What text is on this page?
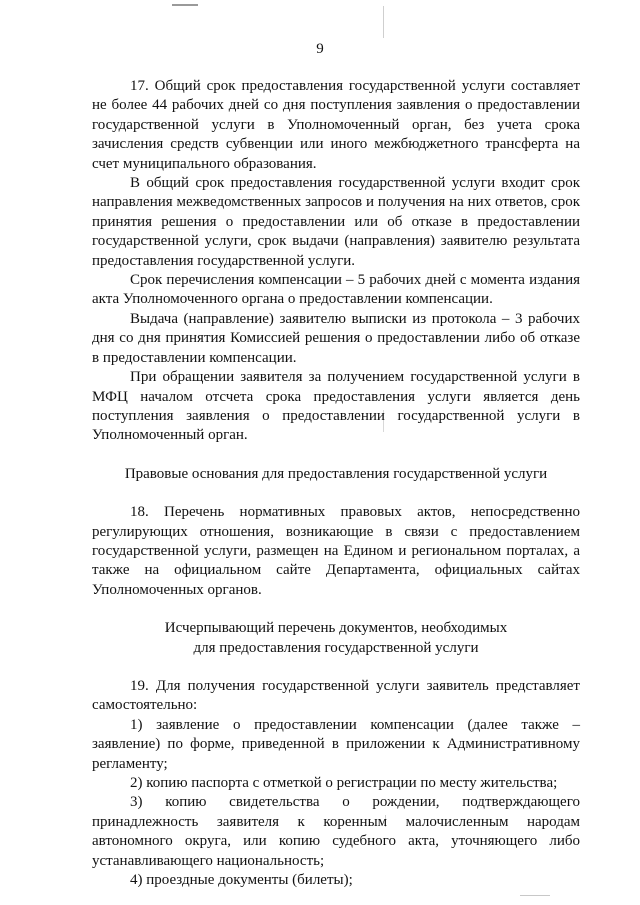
9

17. Общий срок предоставления государственной услуги составляет не более 44 рабочих дней со дня поступления заявления о предоставлении государственной услуги в Уполномоченный орган, без учета срока зачисления средств субвенции или иного межбюджетного трансферта на счет муниципального образования.

В общий срок предоставления государственной услуги входит срок направления межведомственных запросов и получения на них ответов, срок принятия решения о предоставлении или об отказе в предоставлении государственной услуги, срок выдачи (направления) заявителю результата предоставления государственной услуги.

Срок перечисления компенсации – 5 рабочих дней с момента издания акта Уполномоченного органа о предоставлении компенсации.

Выдача (направление) заявителю выписки из протокола – 3 рабочих дня со дня принятия Комиссией решения о предоставлении либо об отказе в предоставлении компенсации.

При обращении заявителя за получением государственной услуги в МФЦ началом отсчета срока предоставления услуги является день поступления заявления о предоставлении государственной услуги в Уполномоченный орган.

Правовые основания для предоставления государственной услуги

18. Перечень нормативных правовых актов, непосредственно регулирующих отношения, возникающие в связи с предоставлением государственной услуги, размещен на Едином и региональном порталах, а также на официальном сайте Департамента, официальных сайтах Уполномоченных органов.

Исчерпывающий перечень документов, необходимых

для предоставления государственной услуги

19. Для получения государственной услуги заявитель представляет самостоятельно:

1) заявление о предоставлении компенсации (далее также – заявление) по форме, приведенной в приложении к Административному регламенту;

2) копию паспорта с отметкой о регистрации по месту жительства;

3) копию свидетельства о рождении, подтверждающего принадлежность заявителя к коренным малочисленным народам автономного округа, или копию судебного акта, уточняющего либо устанавливающего национальность;

4) проездные документы (билеты);
